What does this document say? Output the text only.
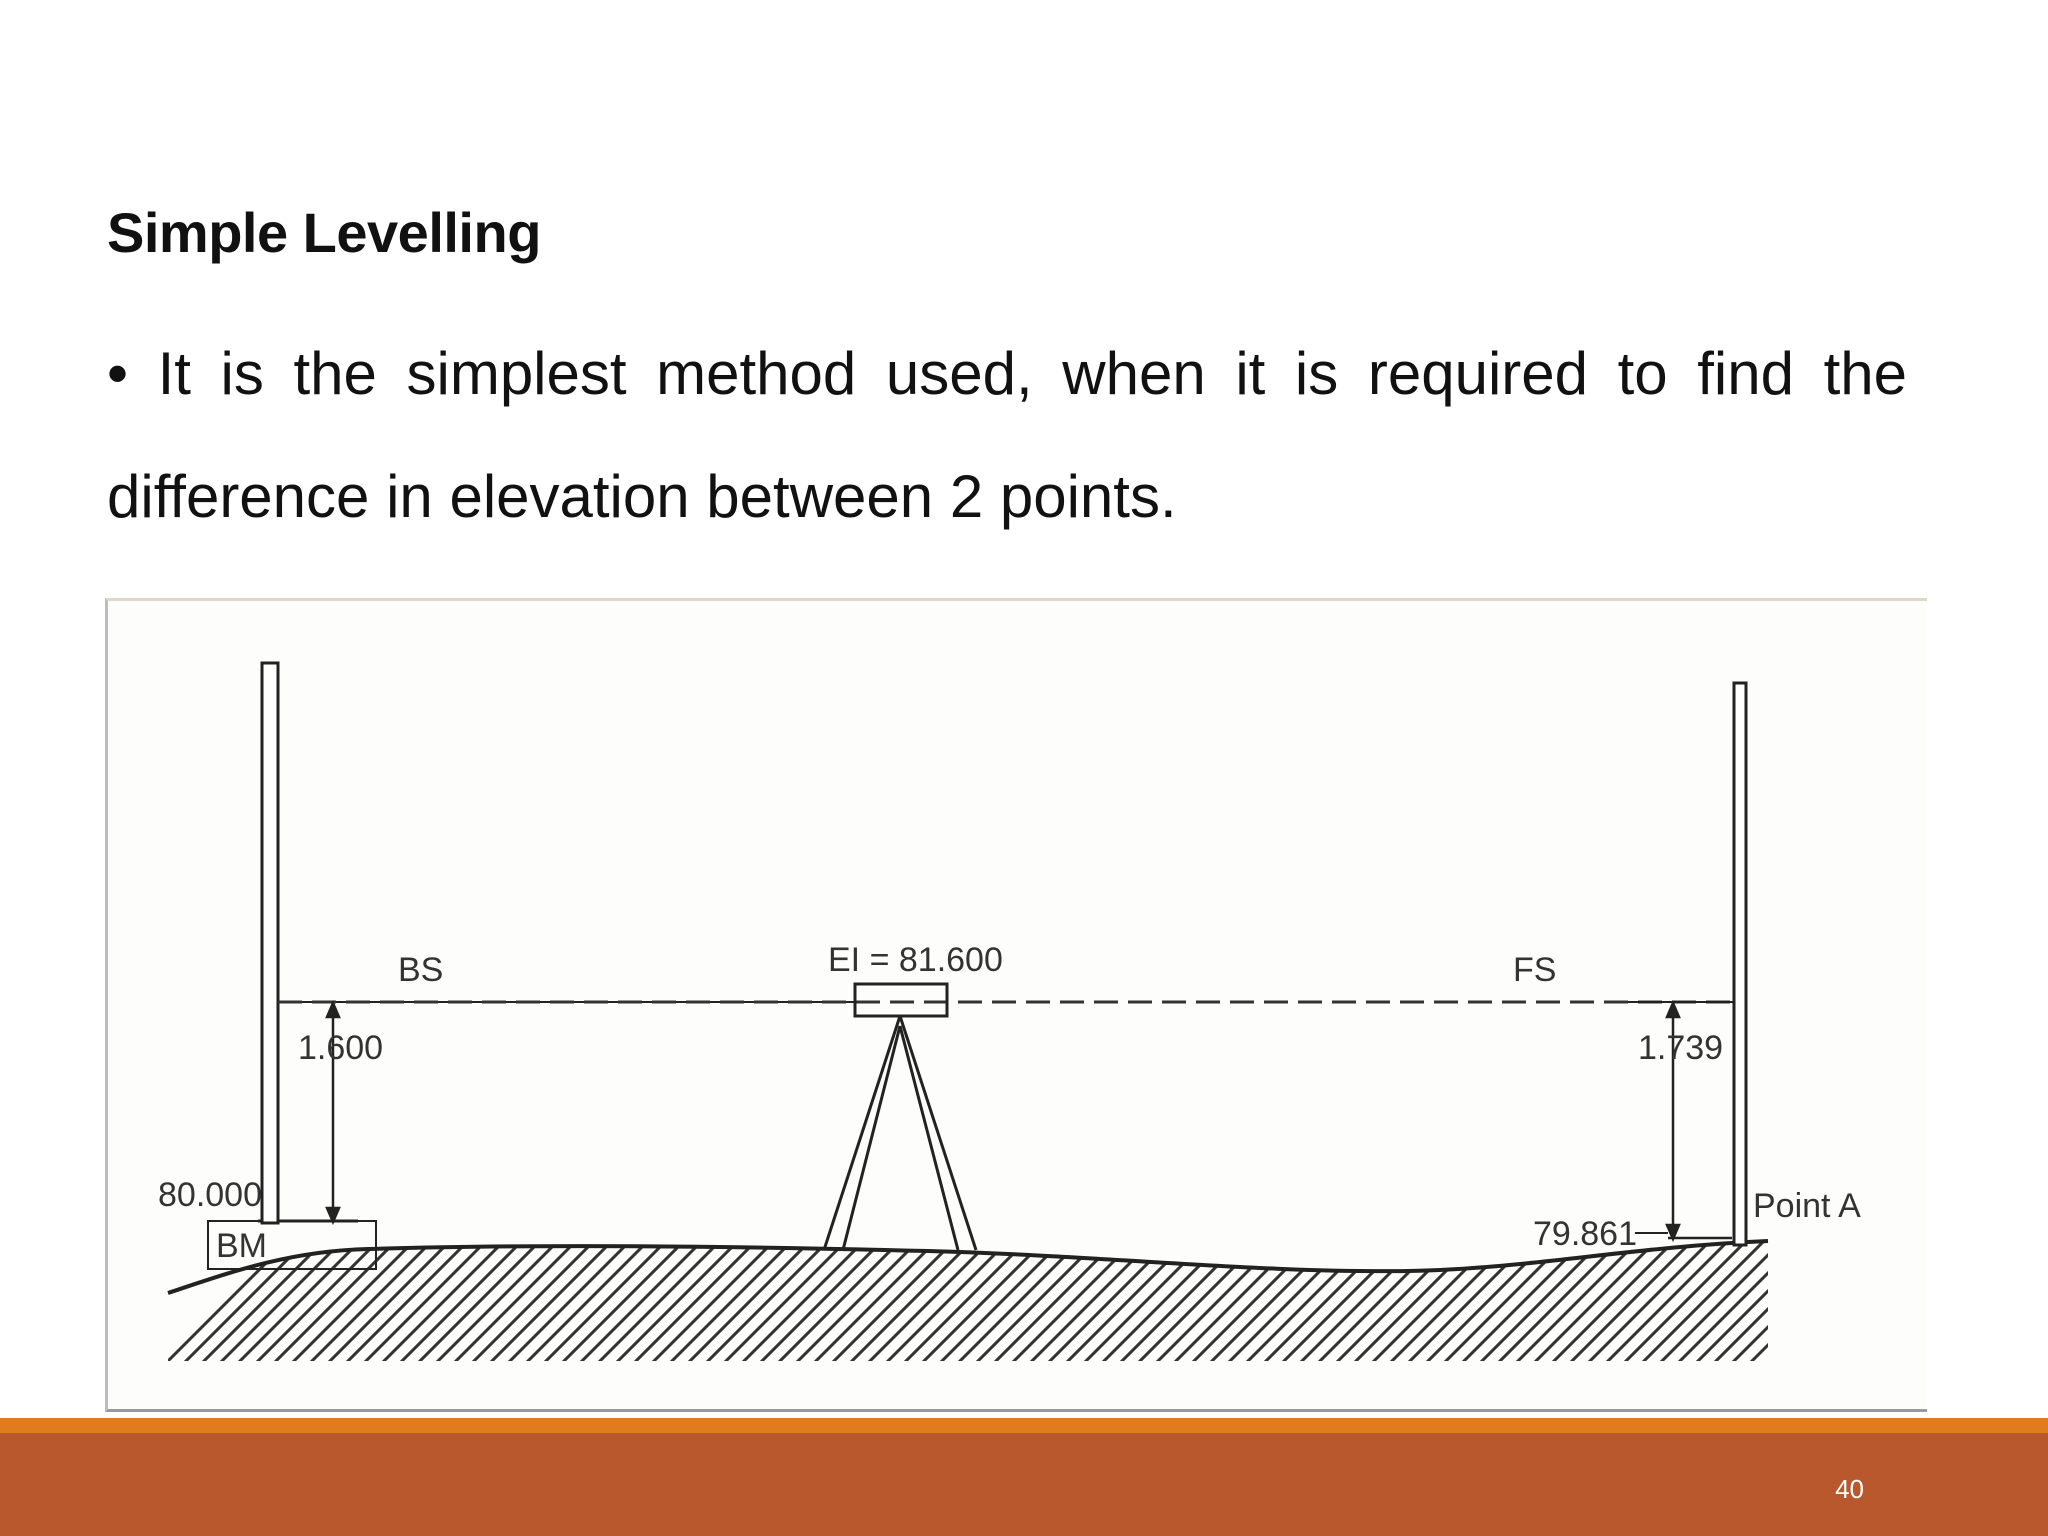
Simple Levelling
• It is the simplest method used, when it is required to find the difference in elevation between 2 points.
BS	FS
EI = 81.600
1.600	1.739
80.000
BM	79.861
Point A
40
